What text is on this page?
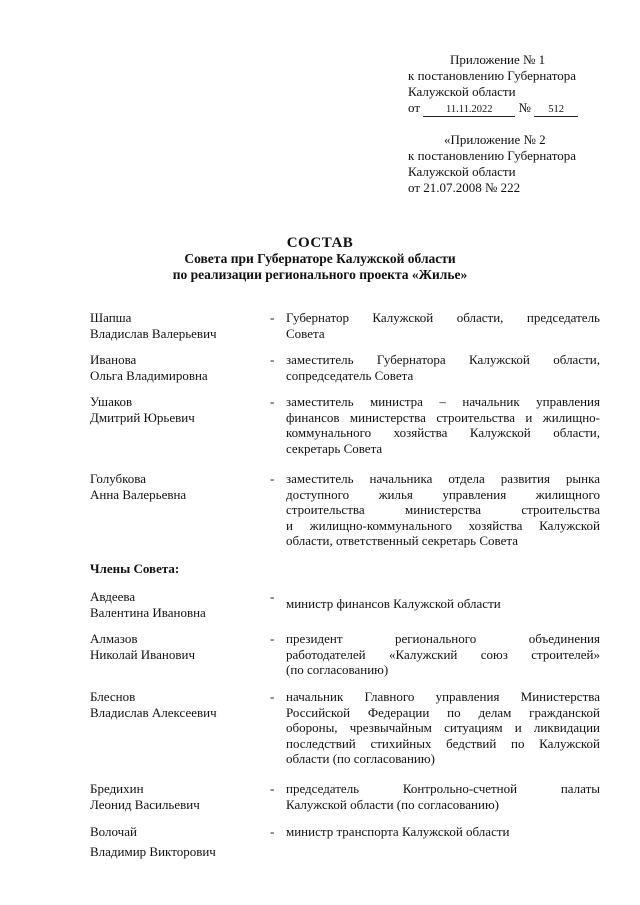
Приложение № 1
к постановлению Губернатора
Калужской области
от 11.11.2022 № 512
«Приложение № 2
к постановлению Губернатора
Калужской области
от 21.07.2008 № 222
СОСТАВ
Совета при Губернаторе Калужской области
по реализации регионального проекта «Жилье»
Шапша
Владислав Валерьевич
- Губернатор Калужской области, председатель
Совета
Иванова
Ольга Владимировна
- заместитель Губернатора Калужской области,
сопредседатель Совета
Ушаков
Дмитрий Юрьевич
- заместитель министра – начальник управления
финансов министерства строительства и жилищно-
коммунального хозяйства Калужской области,
секретарь Совета
Голубкова
Анна Валерьевна
- заместитель начальника отдела развития рынка
доступного жилья управления жилищного
строительства министерства строительства
и жилищно-коммунального хозяйства Калужской
области, ответственный секретарь Совета
Члены Совета:
Авдеева
Валентина Ивановна
- министр финансов Калужской области
Алмазов
Николай Иванович
- президент регионального объединения
работодателей «Калужский союз строителей»
(по согласованию)
Блеснов
Владислав Алексеевич
- начальник Главного управления Министерства
Российской Федерации по делам гражданской
обороны, чрезвычайным ситуациям и ликвидации
последствий стихийных бедствий по Калужской
области (по согласованию)
Бредихин
Леонид Васильевич
- председатель Контрольно-счетной палаты
Калужской области (по согласованию)
Волочай
Владимир Викторович
- министр транспорта Калужской области
